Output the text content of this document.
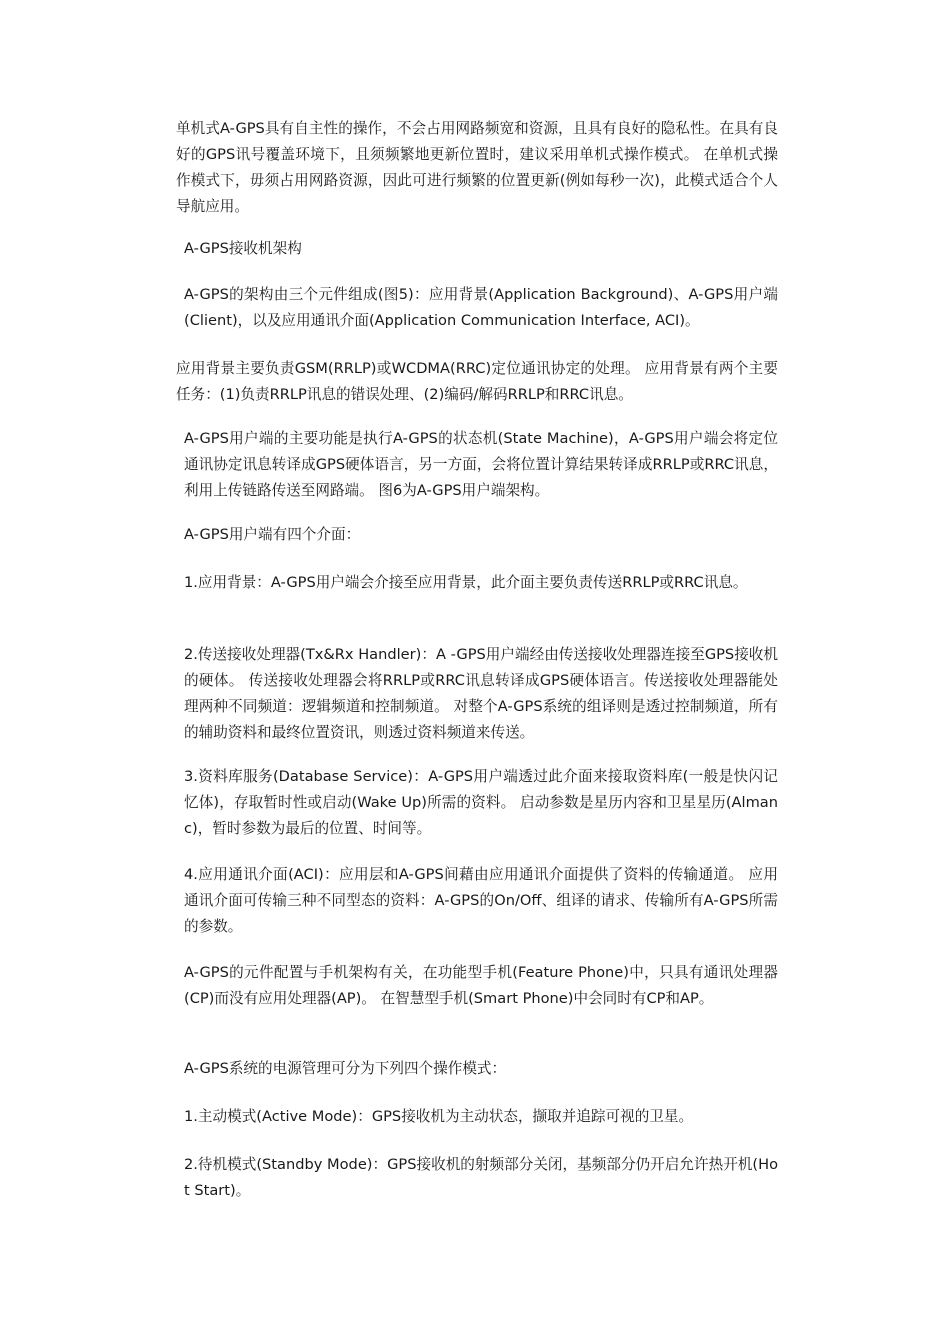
单机式A-GPS具有自主性的操作，不会占用网路频宽和资源，且具有良好的隐私性。在具有良好的GPS讯号覆盖环境下，且须频繁地更新位置时，建议采用单机式操作模式。 在单机式操作模式下，毋须占用网路资源，因此可进行频繁的位置更新(例如每秒一次)，此模式适合个人导航应用。

A-GPS接收机架构

A-GPS的架构由三个元件组成(图5)：应用背景(Application Background)、A-GPS用户端(Client)，以及应用通讯介面(Application Communication Interface, ACI)。

应用背景主要负责GSM(RRLP)或WCDMA(RRC)定位通讯协定的处理。 应用背景有两个主要任务：(1)负责RRLP讯息的错误处理、(2)编码/解码RRLP和RRC讯息。

A-GPS用户端的主要功能是执行A-GPS的状态机(State Machine)，A-GPS用户端会将定位通讯协定讯息转译成GPS硬体语言，另一方面，会将位置计算结果转译成RRLP或RRC讯息，利用上传链路传送至网路端。 图6为A-GPS用户端架构。

A-GPS用户端有四个介面：

1.应用背景：A-GPS用户端会介接至应用背景，此介面主要负责传送RRLP或RRC讯息。

2.传送接收处理器(Tx&Rx Handler)：A -GPS用户端经由传送接收处理器连接至GPS接收机的硬体。 传送接收处理器会将RRLP或RRC讯息转译成GPS硬体语言。传送接收处理器能处理两种不同频道：逻辑频道和控制频道。 对整个A-GPS系统的组译则是透过控制频道，所有的辅助资料和最终位置资讯，则透过资料频道来传送。

3.资料库服务(Database Service)：A-GPS用户端透过此介面来接取资料库(一般是快闪记忆体)，存取暂时性或启动(Wake Up)所需的资料。 启动参数是星历内容和卫星星历(Almanc)，暂时参数为最后的位置、时间等。

4.应用通讯介面(ACI)：应用层和A-GPS间藉由应用通讯介面提供了资料的传输通道。 应用通讯介面可传输三种不同型态的资料：A-GPS的On/Off、组译的请求、传输所有A-GPS所需的参数。

A-GPS的元件配置与手机架构有关，在功能型手机(Feature Phone)中，只具有通讯处理器(CP)而没有应用处理器(AP)。 在智慧型手机(Smart Phone)中会同时有CP和AP。

A-GPS系统的电源管理可分为下列四个操作模式：

1.主动模式(Active Mode)：GPS接收机为主动状态，撷取并追踪可视的卫星。

2.待机模式(Standby Mode)：GPS接收机的射频部分关闭，基频部分仍开启允许热开机(Hot Start)。
